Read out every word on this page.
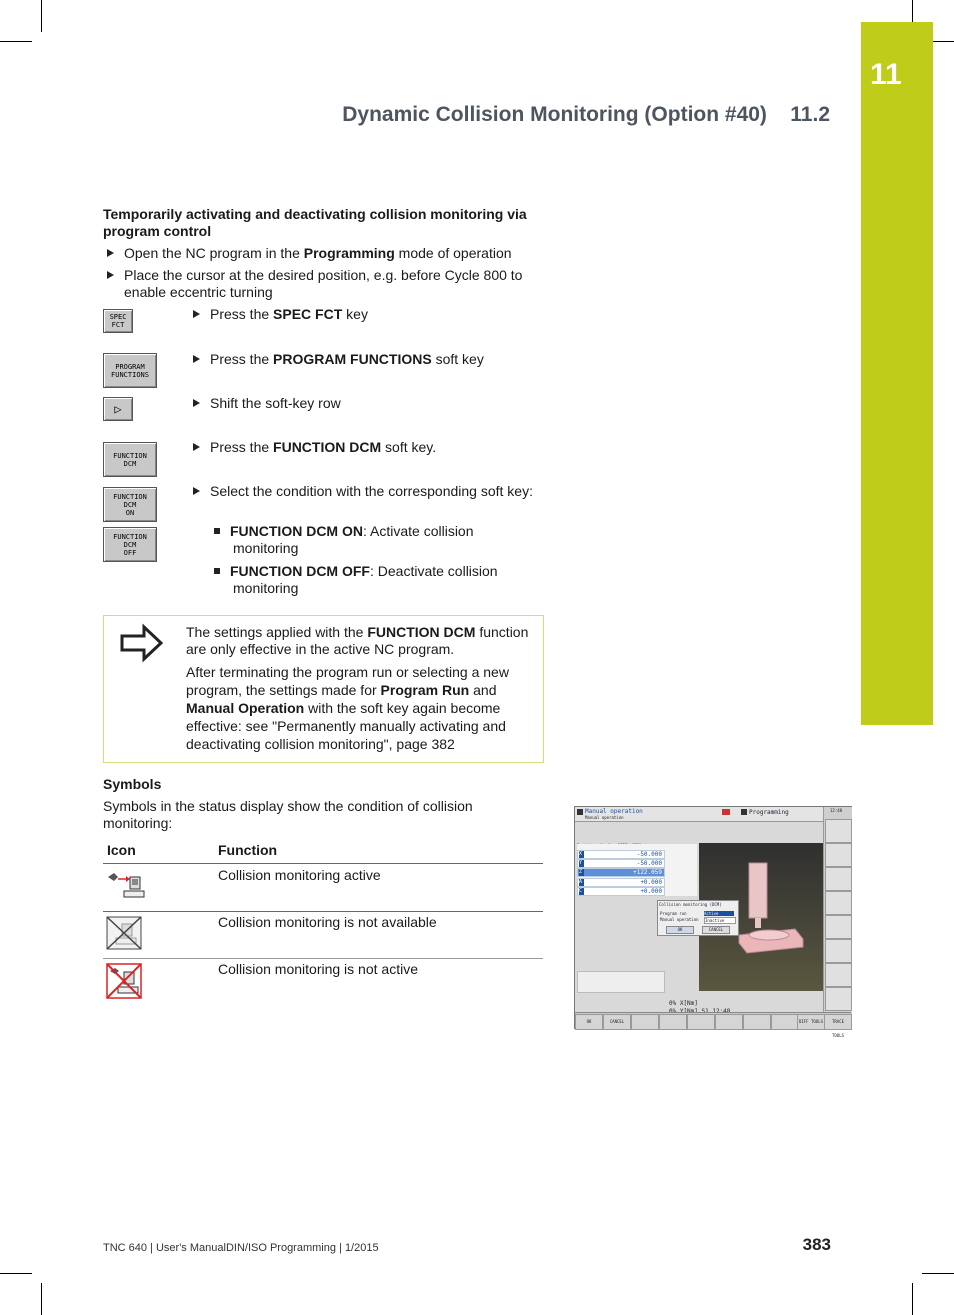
11
Dynamic Collision Monitoring (Option #40) 11.2
Temporarily activating and deactivating collision monitoring via program control
Open the NC program in the Programming mode of operation
Place the cursor at the desired position, e.g. before Cycle 800 to enable eccentric turning
SPEC
FCT
Press the SPEC FCT key
PROGRAM
FUNCTIONS
Press the PROGRAM FUNCTIONS soft key
▷	Shift the soft-key row
FUNCTION
DCM
Press the FUNCTION DCM soft key.
FUNCTION
DCM
ON
FUNCTION
DCM
OFF
Select the condition with the corresponding soft key:
FUNCTION DCM ON: Activate collision monitoring
FUNCTION DCM OFF: Deactivate collision monitoring
The settings applied with the FUNCTION DCM function are only effective in the active NC program.
After terminating the program run or selecting a new program, the settings made for Program Run and Manual Operation with the soft key again become effective: see "Permanently manually activating and deactivating collision monitoring", page 382
Symbols
Symbols in the status display show the condition of collision monitoring:
Icon	Function
Collision monitoring active
Collision monitoring is not available
Collision monitoring is not active
Manual operation
Manual operation
Programming	12:48
X	-50.000
Y	-50.000
Z	+122.059
A	+0.000
C	+0.000
Collision monitoring (DCM)
Program run	Active
Manual operation Inactive
OK	CANCEL
0% X[Nm]
OK	CANCEL	DIFF TOOLS	TRACE TOOLS
TNC 640 | User's ManualDIN/ISO Programming | 1/2015	383
